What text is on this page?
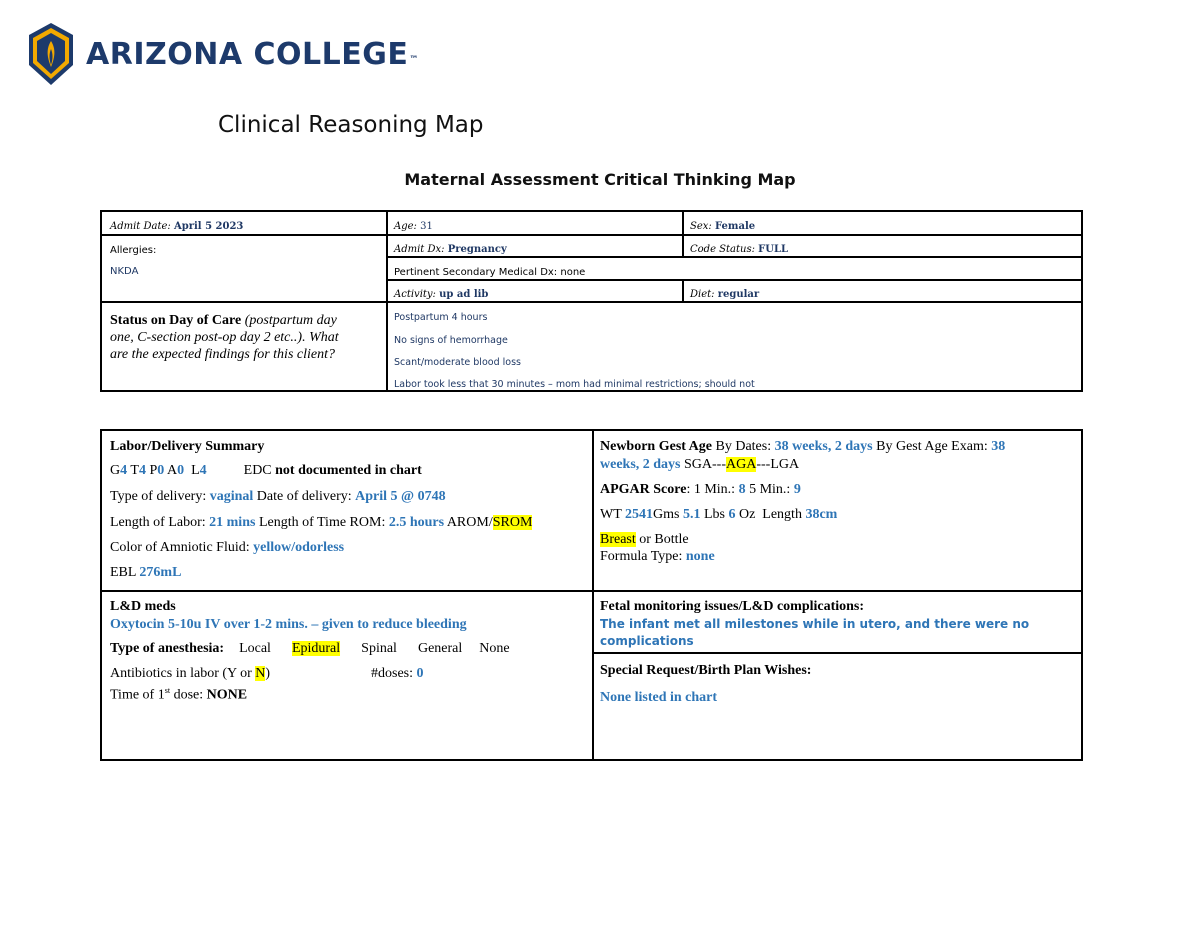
ARIZONA COLLEGE ™
Clinical Reasoning Map
Maternal Assessment Critical Thinking Map
Admit Date: April 5 2023	Age: 31	Sex: Female
Allergies:
NKDA
Admit Dx: Pregnancy	Code Status: FULL
Pertinent Secondary Medical Dx: none
Activity: up ad lib	Diet: regular
Status on Day of Care (postpartum day
one, C-section post-op day 2 etc..). What
are the expected findings for this client?
Postpartum 4 hours
No signs of hemorrhage
Scant/moderate blood loss
Labor took less that 30 minutes – mom had minimal restrictions; should not
Labor/Delivery Summary
G4 T4 P0 A0  L4	EDC not documented in chart
Type of delivery: vaginal Date of delivery: April 5 @ 0748
Length of Labor: 21 mins Length of Time ROM: 2.5 hours AROM/SROM
Color of Amniotic Fluid: yellow/odorless
EBL 276mL
Newborn Gest Age By Dates: 38 weeks, 2 days By Gest Age Exam: 38
weeks, 2 days SGA---AGA---LGA
APGAR Score: 1 Min.: 8 5 Min.: 9
WT 2541Gms 5.1 Lbs 6 Oz  Length 38cm
Breast or Bottle
Formula Type: none
L&D meds
Oxytocin 5-10u IV over 1-2 mins. – given to reduce bleeding
Type of anesthesia: Local Epidural Spinal General None
Antibiotics in labor (Y or N)	#doses: 0
Time of 1st dose: NONE
Fetal monitoring issues/L&D complications:
The infant met all milestones while in utero, and there were no
complications
Special Request/Birth Plan Wishes:
None listed in chart
